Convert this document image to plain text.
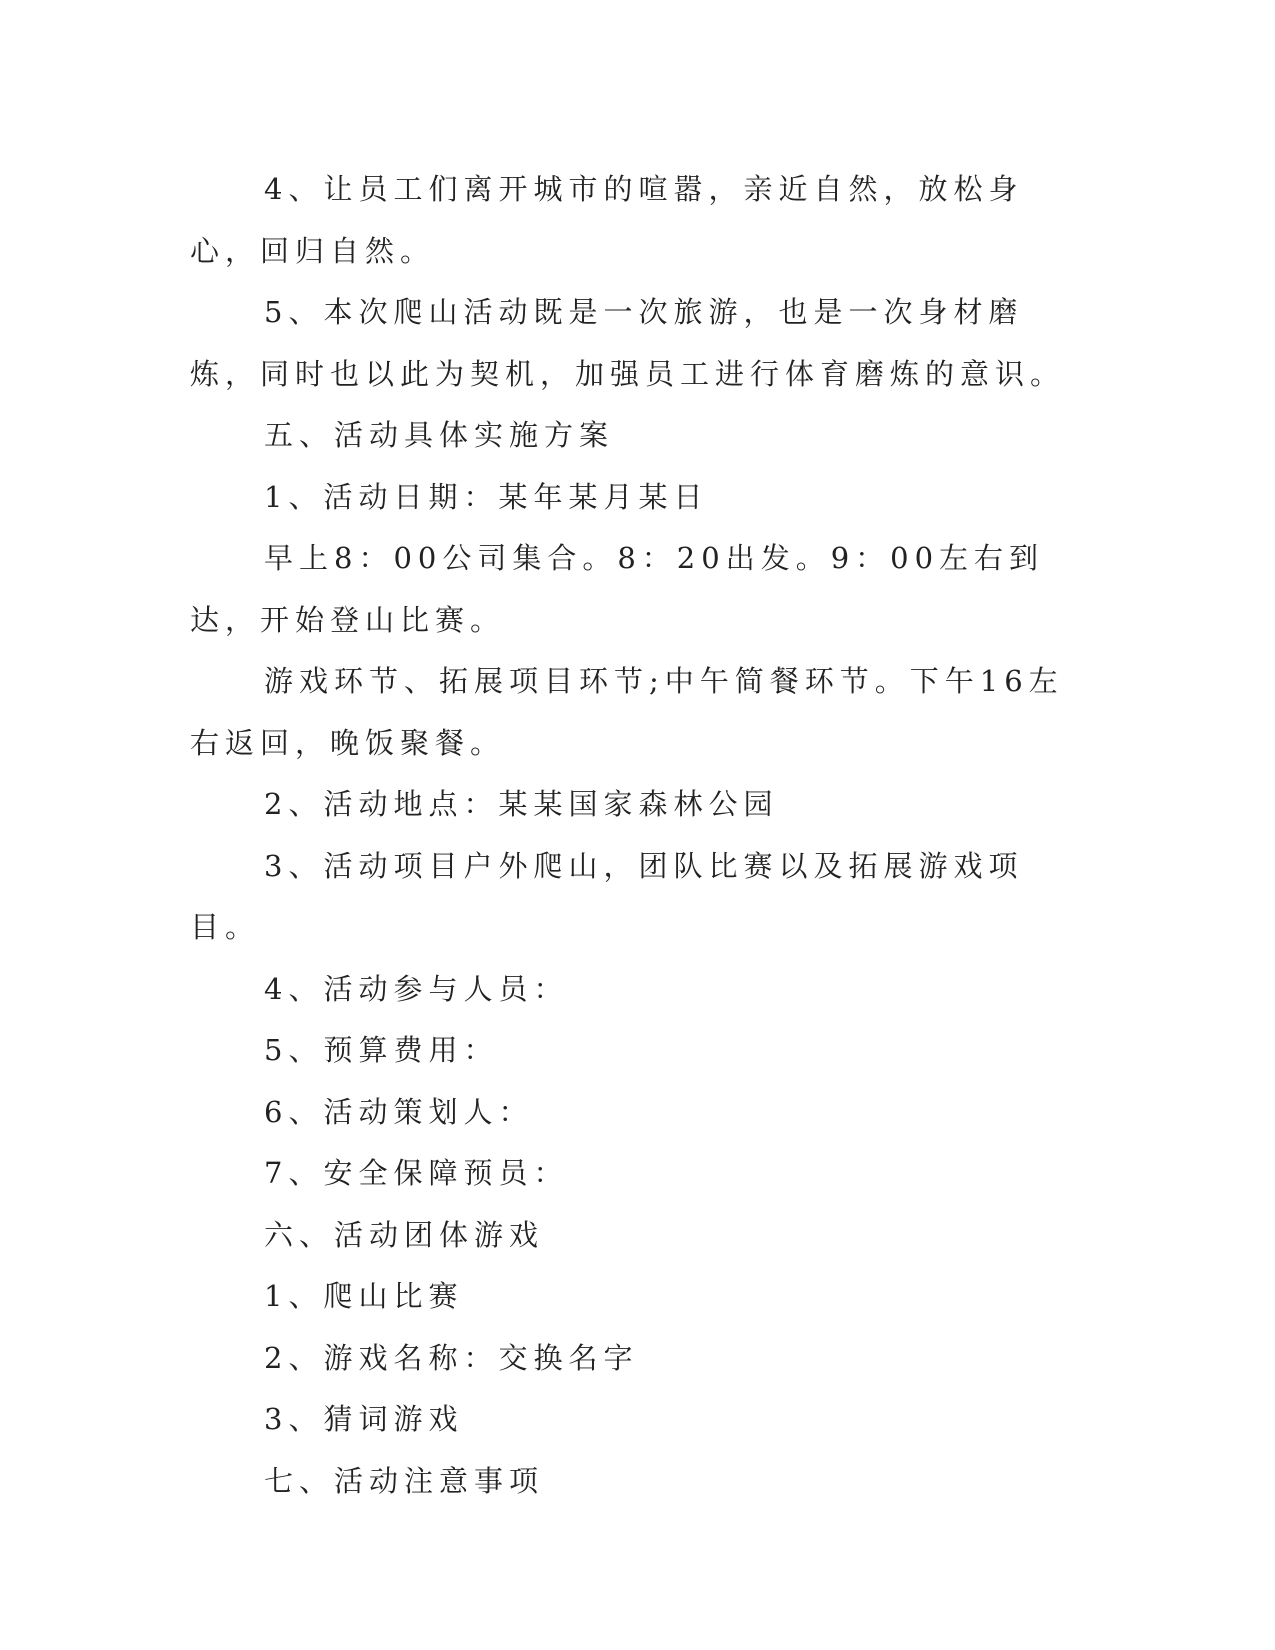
4、让员工们离开城市的喧嚣，亲近自然，放松身心，回归自然。

5、本次爬山活动既是一次旅游，也是一次身材磨炼，同时也以此为契机，加强员工进行体育磨炼的意识。

五、活动具体实施方案

1、活动日期：某年某月某日

早上8：00公司集合。8：20出发。9：00左右到达，开始登山比赛。

游戏环节、拓展项目环节;中午简餐环节。下午16左右返回，晚饭聚餐。

2、活动地点：某某国家森林公园

3、活动项目户外爬山，团队比赛以及拓展游戏项目。

4、活动参与人员：

5、预算费用：

6、活动策划人：

7、安全保障预员：

六、活动团体游戏

1、爬山比赛

2、游戏名称：交换名字

3、猜词游戏

七、活动注意事项
